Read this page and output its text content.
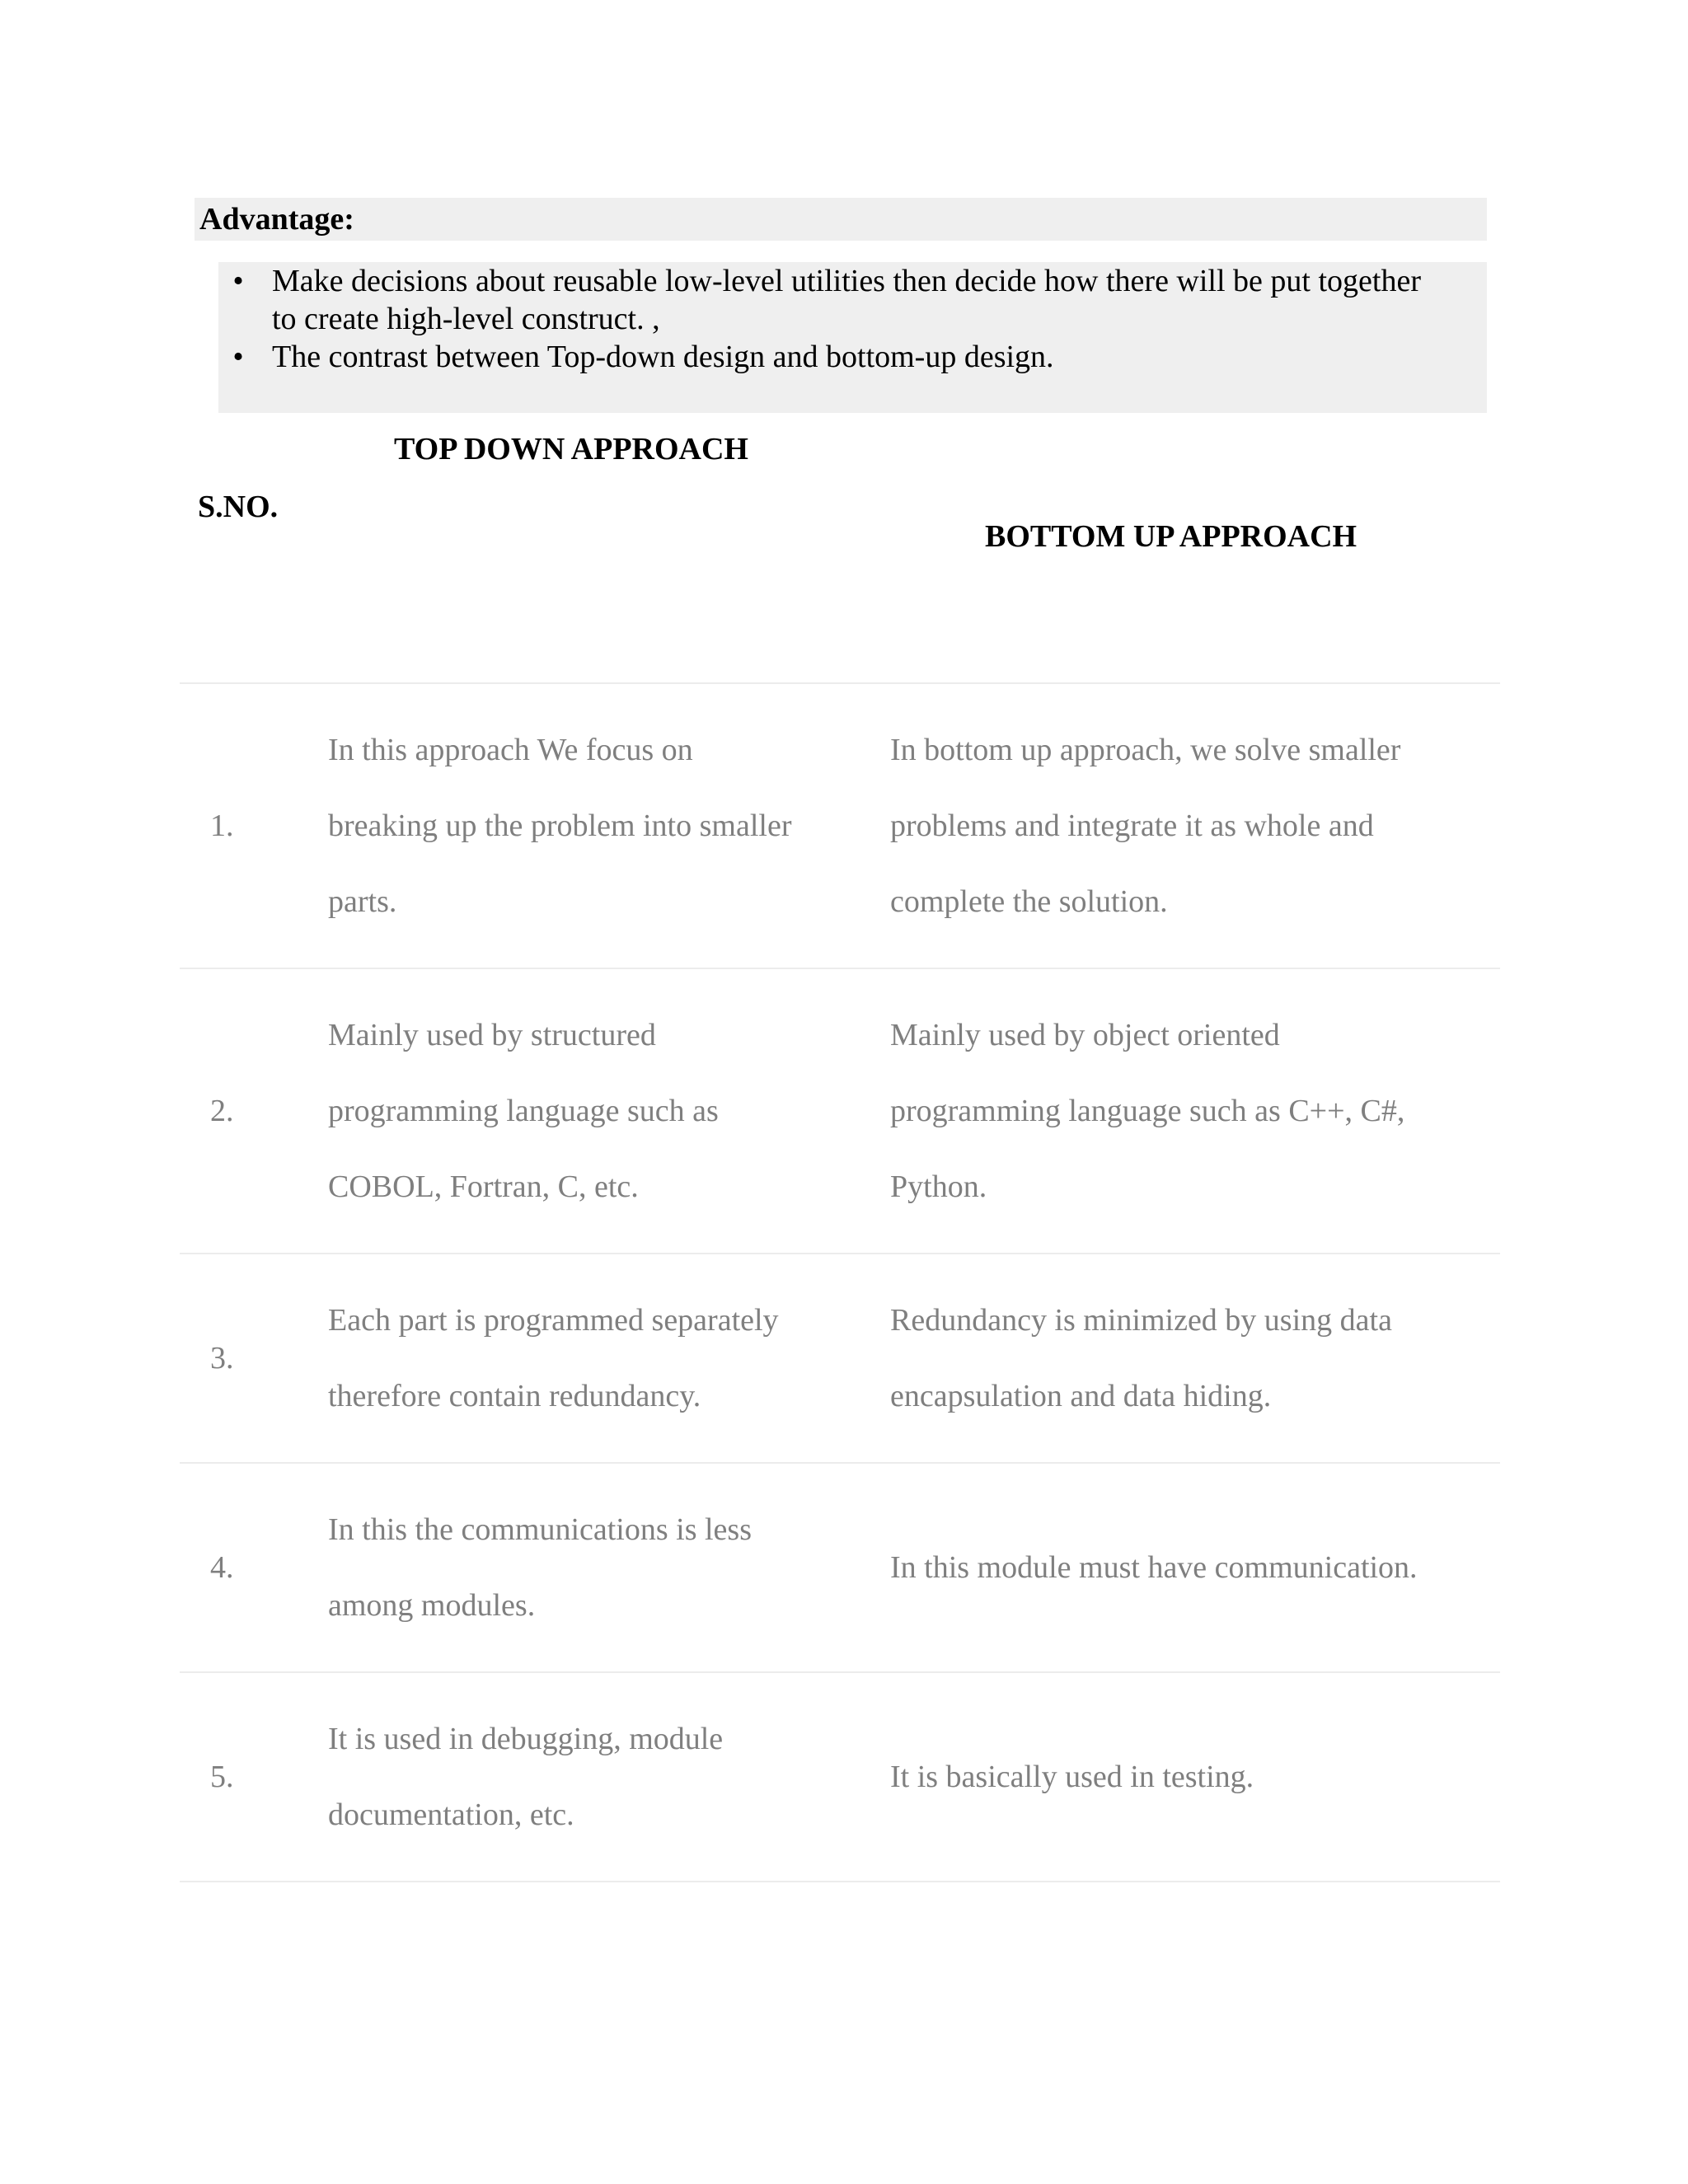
Advantage:
• Make decisions about reusable low-level utilities then decide how there will be put together
to create high-level construct. ,
• The contrast between Top-down design and bottom-up design.
TOP DOWN APPROACH
S.NO.
BOTTOM UP APPROACH
1.
In this approach We focus on
breaking up the problem into smaller
parts.
In bottom up approach, we solve smaller
problems and integrate it as whole and
complete the solution.
2.
Mainly used by structured
programming language such as
COBOL, Fortran, C, etc.
Mainly used by object oriented
programming language such as C++, C#,
Python.
3.
Each part is programmed separately
therefore contain redundancy.
Redundancy is minimized by using data
encapsulation and data hiding.
4.
In this the communications is less
among modules.
In this module must have communication.
5.
It is used in debugging, module
documentation, etc.
It is basically used in testing.
